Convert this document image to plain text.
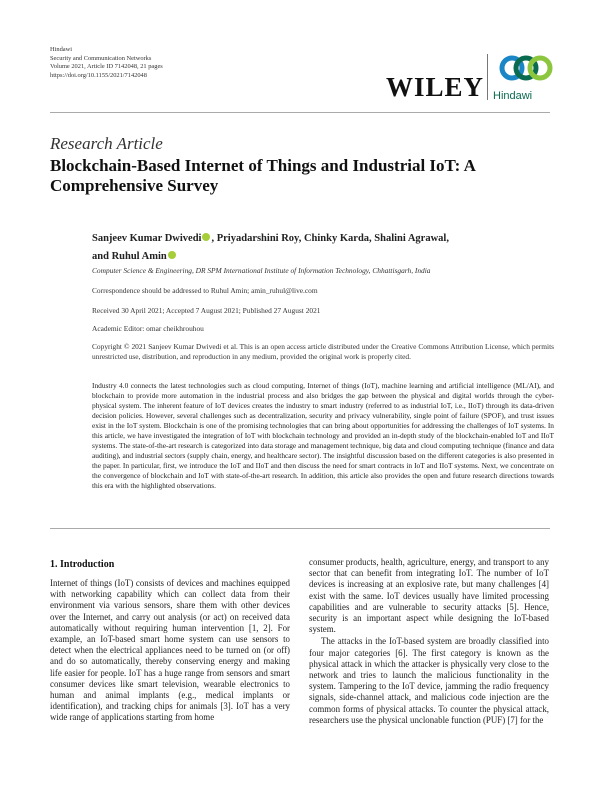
Hindawi
Security and Communication Networks
Volume 2021, Article ID 7142048, 21 pages
https://doi.org/10.1155/2021/7142048	WILEY Hindawi
Research Article
Blockchain-Based Internet of Things and Industrial IoT: A Comprehensive Survey
Sanjeev Kumar Dwivedi , Priyadarshini Roy, Chinky Karda, Shalini Agrawal,
and Ruhul Amin
Computer Science & Engineering, DR SPM International Institute of Information Technology, Chhattisgarh, India
Correspondence should be addressed to Ruhul Amin; amin_ruhul@live.com
Received 30 April 2021; Accepted 7 August 2021; Published 27 August 2021
Academic Editor: omar cheikhrouhou
Copyright © 2021 Sanjeev Kumar Dwivedi et al. This is an open access article distributed under the Creative Commons Attribution License, which permits unrestricted use, distribution, and reproduction in any medium, provided the original work is properly cited.
Industry 4.0 connects the latest technologies such as cloud computing, Internet of things (IoT), machine learning and artificial intelligence (ML/AI), and blockchain to provide more automation in the industrial process and also bridges the gap between the physical and digital worlds through the cyber-physical system. The inherent feature of IoT devices creates the industry to smart industry (referred to as industrial IoT, i.e., IIoT) through its data-driven decision policies. However, several challenges such as decentralization, security and privacy vulnerability, single point of failure (SPOF), and trust issues exist in the IoT system. Blockchain is one of the promising technologies that can bring about opportunities for addressing the challenges of IoT systems. In this article, we have investigated the integration of IoT with blockchain technology and provided an in-depth study of the blockchain-enabled IoT and IIoT systems. The state-of-the-art research is categorized into data storage and management technique, big data and cloud computing technique (finance and data auditing), and industrial sectors (supply chain, energy, and healthcare sector). The insightful discussion based on the different categories is also presented in the paper. In particular, first, we introduce the IoT and IIoT and then discuss the need for smart contracts in IoT and IIoT systems. Next, we concentrate on the convergence of blockchain and IoT with state-of-the-art research. In addition, this article also provides the open and future research directions towards this era with the highlighted observations.
1. Introduction

Internet of things (IoT) consists of devices and machines equipped with networking capability which can collect data from their environment via various sensors, share them with other devices over the Internet, and carry out analysis (or act) on received data automatically without requiring human intervention [1, 2]. For example, an IoT-based smart home system can use sensors to detect when the electrical appliances need to be turned on (or off) and do so automatically, thereby conserving energy and making life easier for people. IoT has a huge range from sensors and smart consumer devices like smart television, wearable electronics to human and animal implants (e.g., medical implants or identification), and tracking chips for animals [3]. IoT has a very wide range of applications starting from home

consumer products, health, agriculture, energy, and transport to any sector that can benefit from integrating IoT. The number of IoT devices is increasing at an explosive rate, but many challenges [4] exist with the same. IoT devices usually have limited processing capabilities and are vulnerable to security attacks [5]. Hence, security is an important aspect while designing the IoT-based system.

The attacks in the IoT-based system are broadly classified into four major categories [6]. The first category is known as the physical attack in which the attacker is physically very close to the network and tries to launch the malicious functionality in the system. Tampering to the IoT device, jamming the radio frequency signals, side-channel attack, and malicious code injection are the common forms of physical attacks. To counter the physical attack, researchers use the physical unclonable function (PUF) [7] for the
